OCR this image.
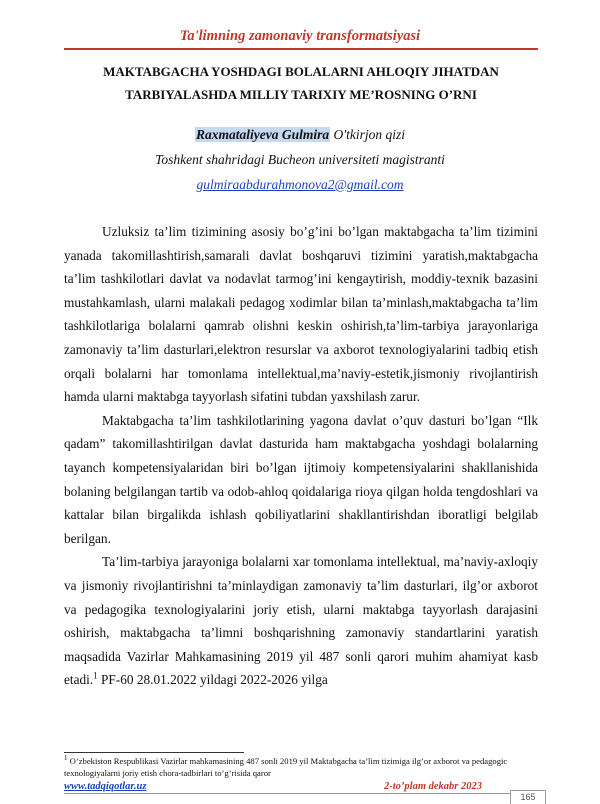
Ta'limning zamonaviy transformatsiyasi
MAKTABGACHA YOSHDAGI BOLALARNI AHLOQIY JIHATDAN
TARBIYALASHDA MILLIY TARIXIY ME’ROSNING O’RNI
Raxmataliyeva Gulmira O'tkirjon qizi
Toshkent shahridagi Bucheon universiteti magistranti
gulmiraabdurahmonova2@gmail.com

Uzluksiz ta’lim tizimining asosiy bo’g’ini bo’lgan maktabgacha ta’lim tizimini yanada takomillashtirish,samarali davlat boshqaruvi tizimini yaratish,maktabgacha ta’lim tashkilotlari davlat va nodavlat tarmog’ini kengaytirish, moddiy-texnik bazasini mustahkamlash, ularni malakali pedagog xodimlar bilan ta’minlash,maktabgacha ta’lim tashkilotlariga bolalarni qamrab olishni keskin oshirish,ta’lim-tarbiya jarayonlariga zamonaviy ta’lim dasturlari,elektron resurslar va axborot texnologiyalarini tadbiq etish orqali bolalarni har tomonlama intellektual,ma’naviy-estetik,jismoniy rivojlantirish hamda ularni maktabga tayyorlash sifatini tubdan yaxshilash zarur.

Maktabgacha ta’lim tashkilotlarining yagona davlat o’quv dasturi bo’lgan “Ilk qadam” takomillashtirilgan davlat dasturida ham maktabgacha yoshdagi bolalarning tayanch kompetensiyalaridan biri bo’lgan ijtimoiy kompetensiyalarini shakllanishida bolaning belgilangan tartib va odob-ahloq qoidalariga rioya qilgan holda tengdoshlari va kattalar bilan birgalikda ishlash qobiliyatlarini shakllantirishdan iboratligi belgilab berilgan.

Ta’lim-tarbiya jarayoniga bolalarni xar tomonlama intellektual, ma’naviy-axloqiy va jismoniy rivojlantirishni ta’minlaydigan zamonaviy ta’lim dasturlari, ilg’or axborot va pedagogika texnologiyalarini joriy etish, ularni maktabga tayyorlash darajasini oshirish, maktabgacha ta’limni boshqarishning zamonaviy standartlarini yaratish maqsadida Vazirlar Mahkamasining 2019 yil 487 sonli qarori muhim ahamiyat kasb etadi.$^1$ PF-60 28.01.2022 yildagi 2022-2026 yilga

$^1$ O’zbekiston Respublikasi Vazirlar mahkamasining 487 sonli 2019 yil Maktabgacha ta’lim tizimiga ilg’or axborot va pedagogic texnologiyalarni joriy etish chora-tadbirlari to’g’risida qaror
www.tadqiqotlar.uz	2-to’plam dekabr 2023
165
